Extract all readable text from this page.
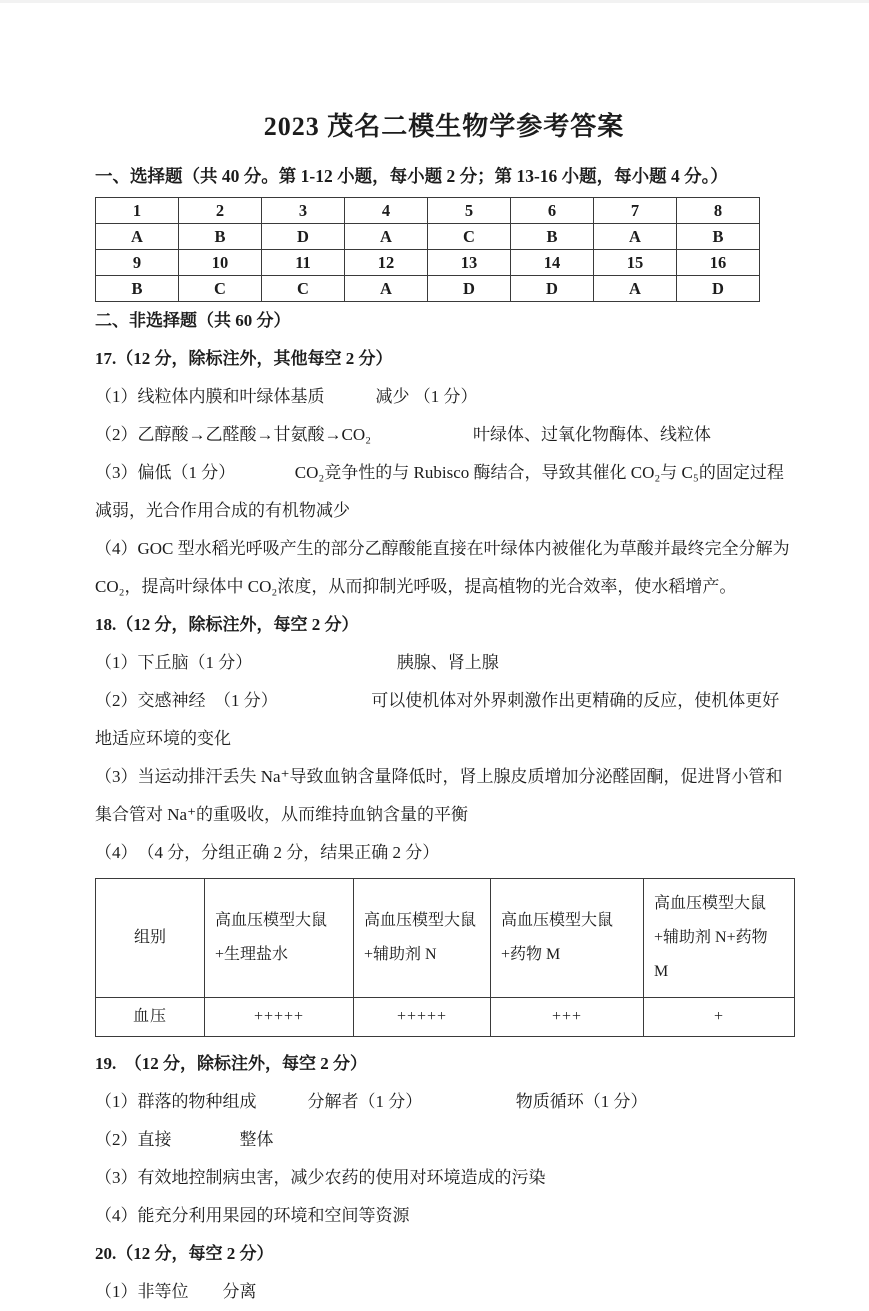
2023 茂名二模生物学参考答案
一、选择题（共 40 分。第 1-12 小题，每小题 2 分；第 13-16 小题，每小题 4 分。）
1	2	3	4	5	6	7	8
A	B	D	A	C	B	A	B
9	10	11	12	13	14	15	16
B	C	C	A	D	D	A	D

二、非选择题（共 60 分）

17.（12 分，除标注外，其他每空 2 分）

（1）线粒体内膜和叶绿体基质　　　减少 （1 分）

（2）乙醇酸→乙醛酸→甘氨酸→CO₂　　　　　　叶绿体、过氧化物酶体、线粒体

（3）偏低（1 分）　　　　CO₂竞争性的与 Rubisco 酶结合，导致其催化 CO₂与 C₅的固定过程减弱，光合作用合成的有机物减少

（4）GOC 型水稻光呼吸产生的部分乙醇酸能直接在叶绿体内被催化为草酸并最终完全分解为 CO₂，提高叶绿体中 CO₂浓度，从而抑制光呼吸，提高植物的光合效率，使水稻增产。

18.（12 分，除标注外，每空 2 分）

（1）下丘脑（1 分）　　　　　　　　　胰腺、肾上腺

（2）交感神经　（1 分）　　　　　　可以使机体对外界刺激作出更精确的反应，使机体更好地适应环境的变化

（3）当运动排汗丢失 Na⁺导致血钠含量降低时，肾上腺皮质增加分泌醛固酮，促进肾小管和集合管对 Na⁺的重吸收，从而维持血钠含量的平衡

（4）　（4 分，分组正确 2 分，结果正确 2 分）

组别	高血压模型大鼠+生理盐水	高血压模型大鼠+辅助剂 N	高血压模型大鼠+药物 M	高血压模型大鼠+辅助剂 N+药物 M
血压	+++++	+++++	+++	+

19.　（12 分，除标注外，每空 2 分）

（1）群落的物种组成　　　分解者（1 分）　　　　　　物质循环（1 分）

（2）直接　　　　整体

（3）有效地控制病虫害，减少农药的使用对环境造成的污染

（4）能充分利用果园的环境和空间等资源

20.（12 分，每空 2 分）

（1）非等位　　分离
